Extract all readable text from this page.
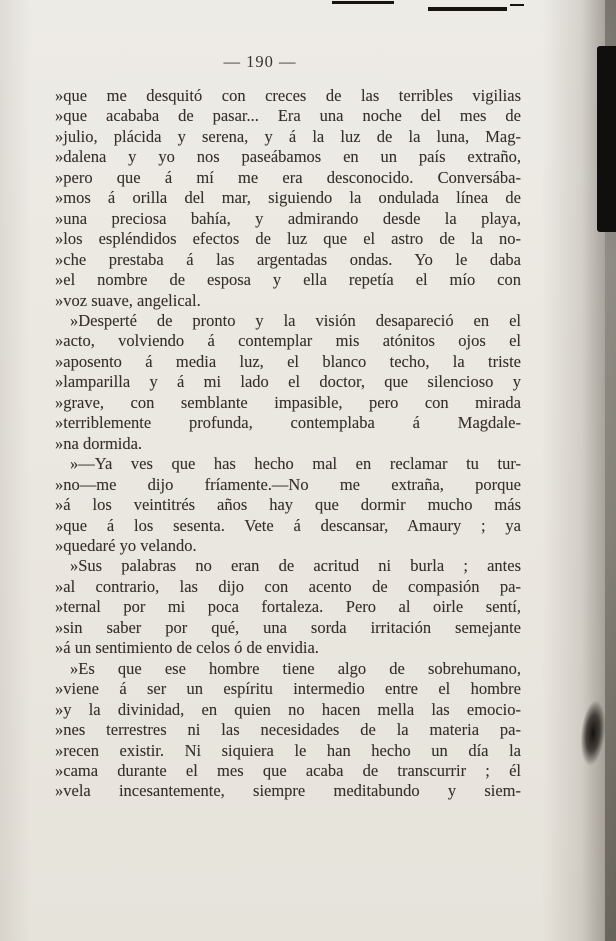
— 190 —
»que me desquitó con creces de las terribles vigilias
»que acababa de pasar... Era una noche del mes de
»julio, plácida y serena, y á la luz de la luna, Mag-
»dalena y yo nos paseábamos en un país extraño,
»pero que á mí me era desconocido. Conversába-
»mos á orilla del mar, siguiendo la ondulada línea de
»una preciosa bahía, y admirando desde la playa,
»los espléndidos efectos de luz que el astro de la no-
»che prestaba á las argentadas ondas. Yo le daba
»el nombre de esposa y ella repetía el mío con
»voz suave, angelical.
»Desperté de pronto y la visión desapareció en el
»acto, volviendo á contemplar mis atónitos ojos el
»aposento á media luz, el blanco techo, la triste
»lamparilla y á mi lado el doctor, que silencioso y
»grave, con semblante impasible, pero con mirada
»terriblemente profunda, contemplaba á Magdale-
»na dormida.
»—Ya ves que has hecho mal en reclamar tu tur-
»no—me dijo fríamente.—No me extraña, porque
»á los veintitrés años hay que dormir mucho más
»que á los sesenta. Vete á descansar, Amaury ; ya
»quedaré yo velando.
»Sus palabras no eran de acritud ni burla ; antes
»al contrario, las dijo con acento de compasión pa-
»ternal por mi poca fortaleza. Pero al oirle sentí,
»sin saber por qué, una sorda irritación semejante
»á un sentimiento de celos ó de envidia.
»Es que ese hombre tiene algo de sobrehumano,
»viene á ser un espíritu intermedio entre el hombre
»y la divinidad, en quien no hacen mella las emocio-
»nes terrestres ni las necesidades de la materia pa-
»recen existir. Ni siquiera le han hecho un día la
»cama durante el mes que acaba de transcurrir ; él
»vela incesantemente, siempre meditabundo y siem-
